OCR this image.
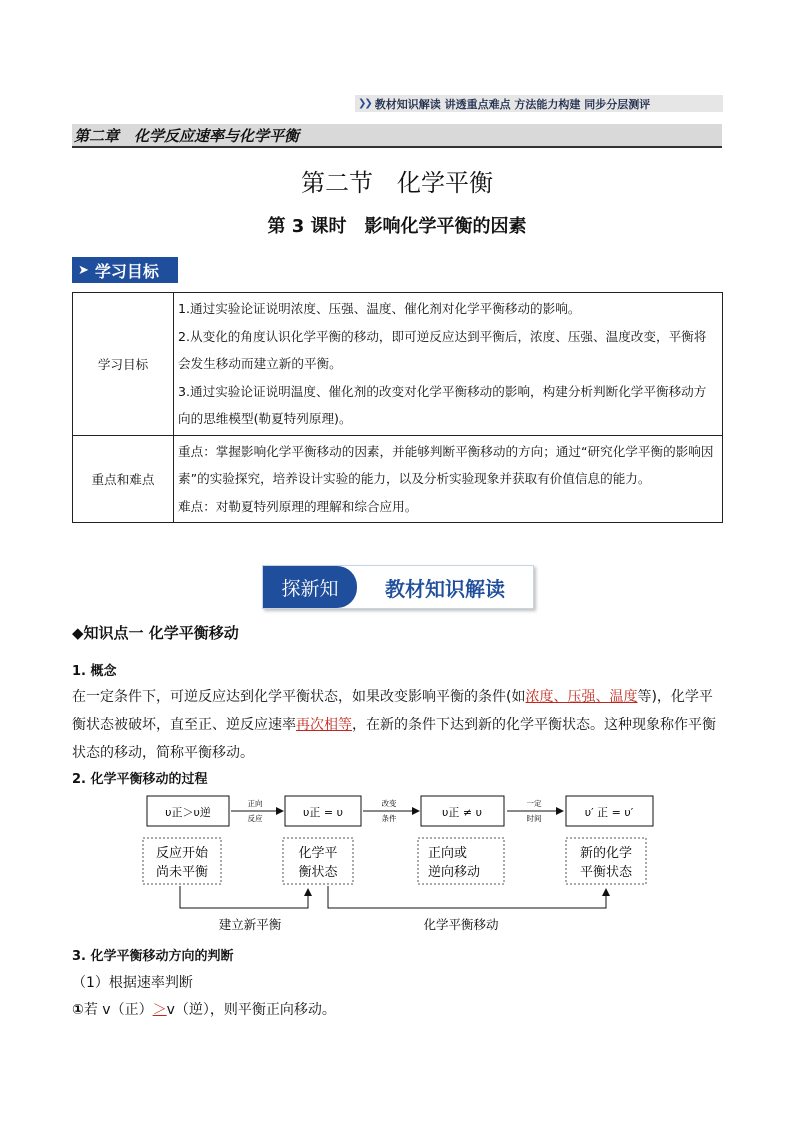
❯❯ 教材知识解读 讲透重点难点 方法能力构建 同步分层测评
第二章　化学反应速率与化学平衡
第二节　化学平衡
第 3 课时　影响化学平衡的因素
➤ 学习目标
学习目标	1.通过实验论证说明浓度、压强、温度、催化剂对化学平衡移动的影响。
2.从变化的角度认识化学平衡的移动，即可逆反应达到平衡后，浓度、压强、温度改变，平衡将会发生移动而建立新的平衡。
3.通过实验论证说明温度、催化剂的改变对化学平衡移动的影响，构建分析判断化学平衡移动方向的思维模型(勒夏特列原理)。

重点和难点	重点：掌握影响化学平衡移动的因素，并能够判断平衡移动的方向；通过“研究化学平衡的影响因素”的实验探究，培养设计实验的能力，以及分析实验现象并获取有价值信息的能力。
难点：对勒夏特列原理的理解和综合应用。
探新知	教材知识解读
◆知识点一 化学平衡移动
1. 概念
在一定条件下，可逆反应达到化学平衡状态，如果改变影响平衡的条件(如浓度、压强、温度等)，化学平衡状态被破坏，直至正、逆反应速率再次相等，在新的条件下达到新的化学平衡状态。这种现象称作平衡状态的移动，简称平衡移动。
2. 化学平衡移动的过程
υ正＞υ逆	υ正 = υ	υ正 ≠ υ	υ′ 正 = υ′
正向
反应
改变
条件
一定
时间
反应开始
尚未平衡
化学平
衡状态
正向或
逆向移动
新的化学
平衡状态
建立新平衡	化学平衡移动
3. 化学平衡移动方向的判断
（1）根据速率判断
①若 v（正）＞v（逆），则平衡正向移动。
